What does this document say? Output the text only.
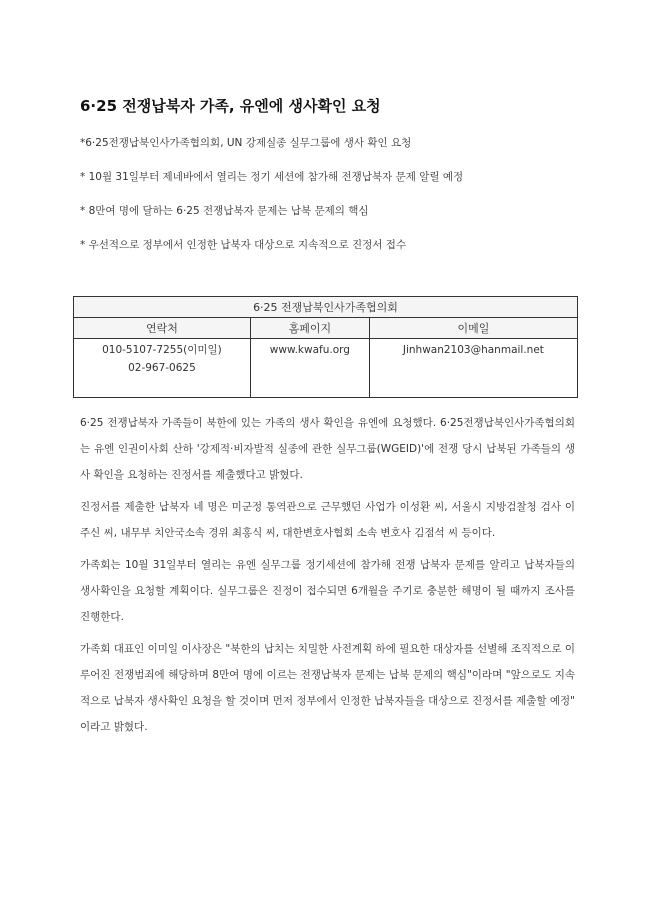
6·25 전쟁납북자 가족, 유엔에 생사확인 요청
*6·25전쟁납북인사가족협의회, UN 강제실종 실무그룹에 생사 확인 요청
* 10월 31일부터 제네바에서 열리는 정기 세션에 참가해 전쟁납북자 문제 알릴 예정
* 8만여 명에 달하는 6·25 전쟁납북자 문제는 납북 문제의 핵심
* 우선적으로 정부에서 인정한 납북자 대상으로 지속적으로 진정서 접수
6·25 전쟁납북인사가족협의회		
연락처	홈페이지	이메일

010-5107-7255(이미일)
02-967-0625	www.kwafu.org	Jinhwan2103@hanmail.net

6·25 전쟁납북자 가족들이 북한에 있는 가족의 생사 확인을 유엔에 요청했다. 6·25전쟁납북인사가족협의회는 유엔 인권이사회 산하 '강제적·비자발적 실종에 관한 실무그룹(WGEID)'에 전쟁 당시 납북된 가족들의 생사 확인을 요청하는 진정서를 제출했다고 밝혔다.

진정서를 제출한 납북자 네 명은 미군정 통역관으로 근무했던 사업가 이성환 씨, 서울시 지방검찰청 검사 이주신 씨, 내무부 치안국소속 경위 최홍식 씨, 대한변호사협회 소속 변호사 김점석 씨 등이다.

가족회는 10월 31일부터 열리는 유엔 실무그룹 정기세션에 참가해 전쟁 납북자 문제를 알리고 납북자들의 생사확인을 요청할 계획이다. 실무그룹은 진정이 접수되면 6개월을 주기로 충분한 해명이 될 때까지 조사를 진행한다.

가족회 대표인 이미일 이사장은 "북한의 납치는 치밀한 사전계획 하에 필요한 대상자를 선별해 조직적으로 이루어진 전쟁범죄에 해당하며 8만여 명에 이르는 전쟁납북자 문제는 납북 문제의 핵심"이라며 "앞으로도 지속적으로 납북자 생사확인 요청을 할 것이며 먼저 정부에서 인정한 납북자들을 대상으로 진정서를 제출할 예정" 이라고 밝혔다.
